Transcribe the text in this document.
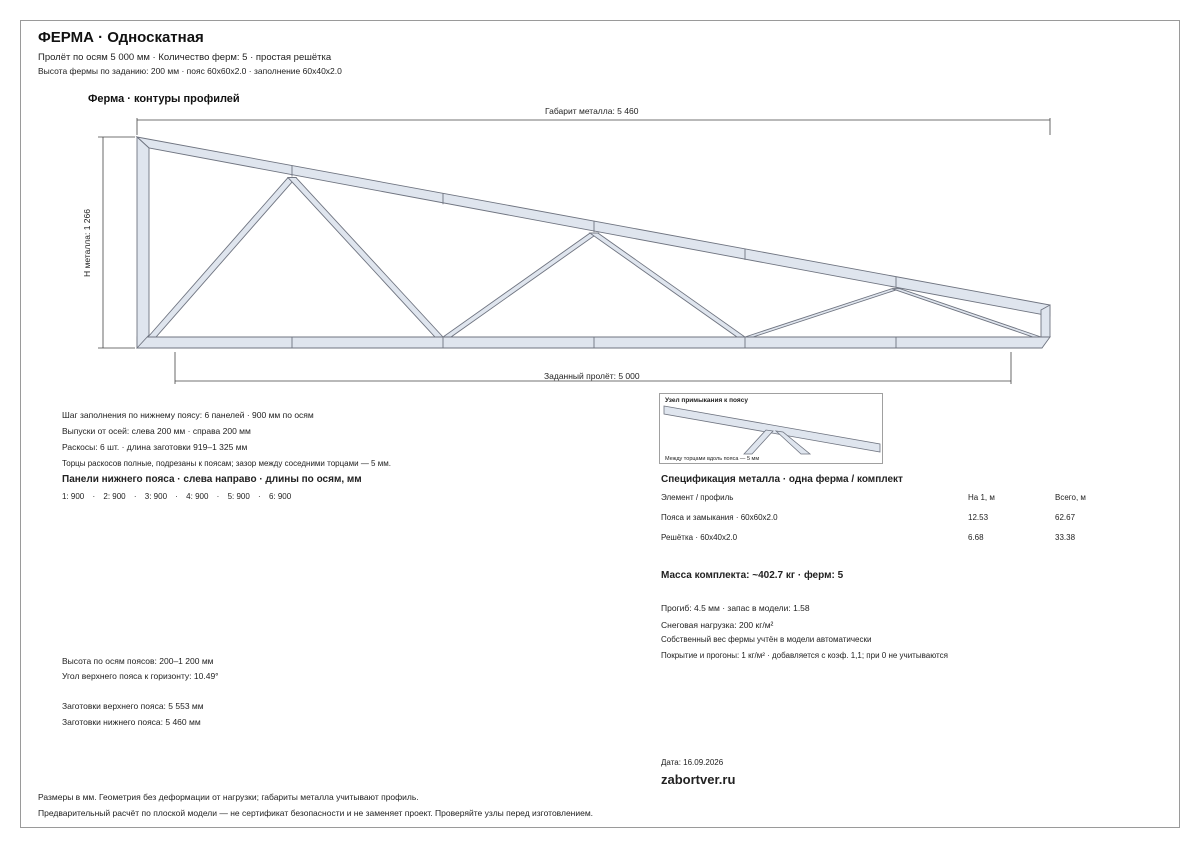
ФЕРМА · Односкатная
Пролёт по осям 5 000 мм · Количество ферм: 5 · простая решётка
Высота фермы по заданию: 200 мм · пояс 60x60x2.0 · заполнение 60x40x2.0
Ферма · контуры профилей
Габарит металла: 5 460
Н металла: 1 266
Заданный пролёт: 5 000
Шаг заполнения по нижнему поясу: 6 панелей · 900 мм по осям
Выпуски от осей: слева 200 мм · справа 200 мм
Раскосы: 6 шт. · длина заготовки 919–1 325 мм
Торцы раскосов полные, подрезаны к поясам; зазор между соседними торцами — 5 мм.
Панели нижнего пояса · слева направо · длины по осям, мм
1: 900 · 2: 900 · 3: 900 · 4: 900 · 5: 900 · 6: 900
Высота по осям поясов: 200–1 200 мм
Угол верхнего пояса к горизонту: 10.49°
Заготовки верхнего пояса: 5 553 мм
Заготовки нижнего пояса: 5 460 мм
Узел примыкания к поясу
Между торцами вдоль пояса — 5 мм
Спецификация металла · одна ферма / комплект
Элемент / профиль	На 1, м	Всего, м
Пояса и замыкания · 60x60x2.0	12.53	62.67
Решётка · 60x40x2.0	6.68	33.38
Масса комплекта: ~402.7 кг · ферм: 5
Прогиб: 4.5 мм · запас в модели: 1.58
Снеговая нагрузка: 200 кг/м²
Собственный вес фермы учтён в модели автоматически
Покрытие и прогоны: 1 кг/м² · добавляется с коэф. 1,1; при 0 не учитываются
Дата: 16.09.2026
zabortver.ru
Размеры в мм. Геометрия без деформации от нагрузки; габариты металла учитывают профиль.
Предварительный расчёт по плоской модели — не сертификат безопасности и не заменяет проект. Проверяйте узлы перед изготовлением.
